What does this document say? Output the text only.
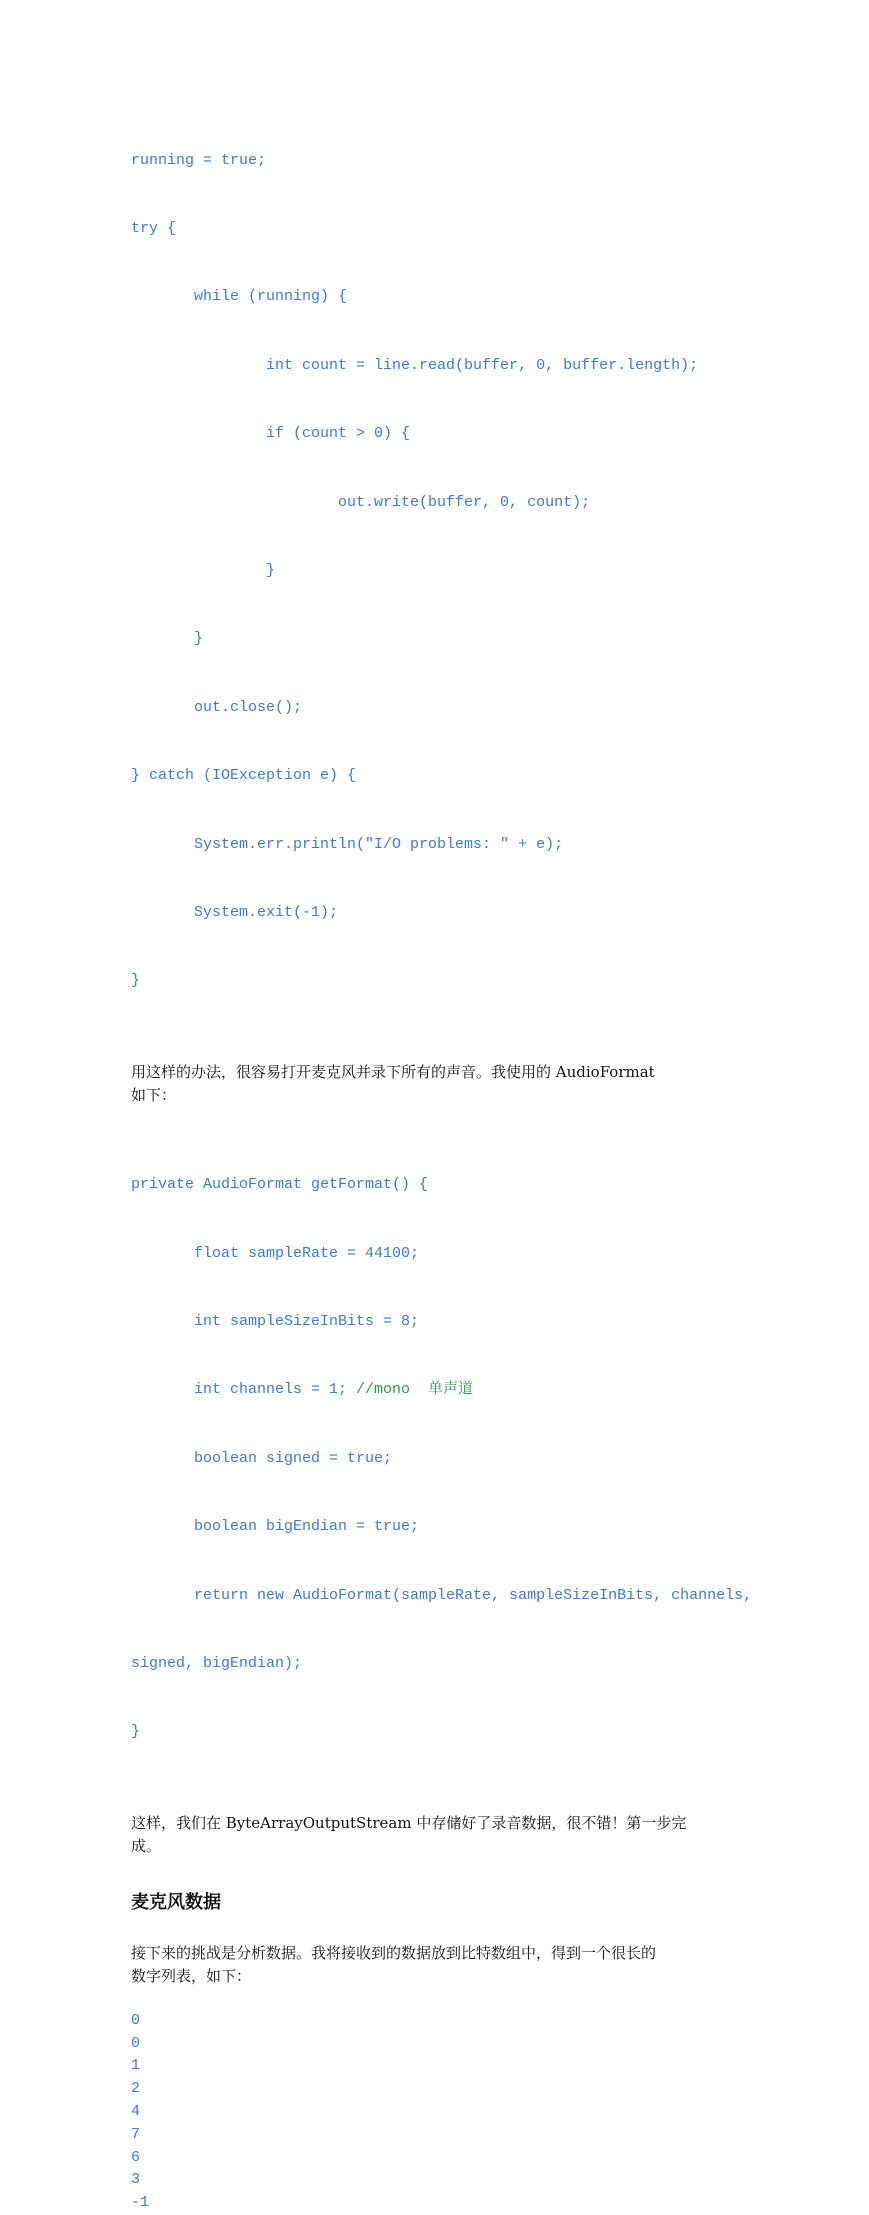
running = true;

try {

while (running) {

int count = line.read(buffer, 0, buffer.length);

if (count > 0) {

out.write(buffer, 0, count);

}

}

out.close();

} catch (IOException e) {

System.err.println("I/O problems: " + e);

System.exit(-1);

}

用这样的办法，很容易打开麦克风并录下所有的声音。我使用的 AudioFormat

如下：

private AudioFormat getFormat() {

float sampleRate = 44100;

int sampleSizeInBits = 8;

int channels = 1; //mono  单声道

boolean signed = true;

boolean bigEndian = true;

return new AudioFormat(sampleRate, sampleSizeInBits, channels,

signed, bigEndian);

}

这样，我们在 ByteArrayOutputStream 中存储好了录音数据，很不错！第一步完

成。

麦克风数据

接下来的挑战是分析数据。我将接收到的数据放到比特数组中，得到一个很长的

数字列表，如下：

0
0
1
2
4
7
6
3
-1
